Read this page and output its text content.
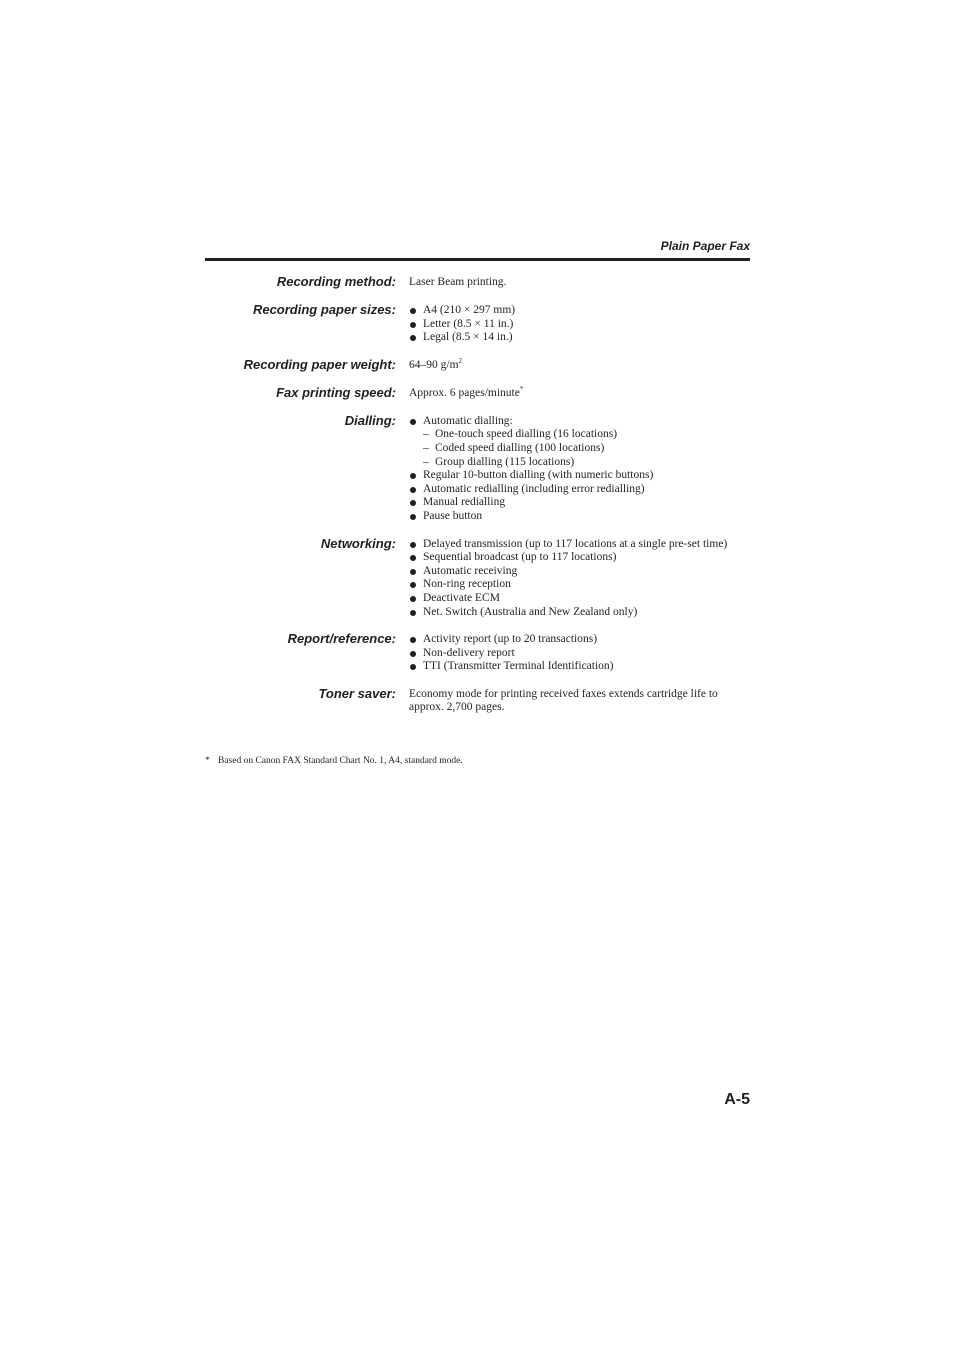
Plain Paper Fax
Recording method: Laser Beam printing.

Recording paper sizes:	A4 (210 × 297 mm)

Letter (8.5 × 11 in.)

Legal (8.5 × 14 in.)

Recording paper weight: 64–90 $g/m^2$

Fax printing speed: Approx. 6 pages/minute*

Dialling:	Automatic dialling:

– One-touch speed dialling (16 locations)

– Coded speed dialling (100 locations)

– Group dialling (115 locations)

Regular 10-button dialling (with numeric buttons)

Automatic redialling (including error redialling)

Manual redialling

Pause button

Networking:	Delayed transmission (up to 117 locations at a single pre-set time)

Sequential broadcast (up to 117 locations)

Automatic receiving

Non-ring reception

Deactivate ECM

Net. Switch (Australia and New Zealand only)

Report/reference:	Activity report (up to 20 transactions)

Non-delivery report

TTI (Transmitter Terminal Identification)

Toner saver: Economy mode for printing received faxes extends cartridge life to approx. 2,700 pages.

* Based on Canon FAX Standard Chart No. 1, A4, standard mode.
A-5
